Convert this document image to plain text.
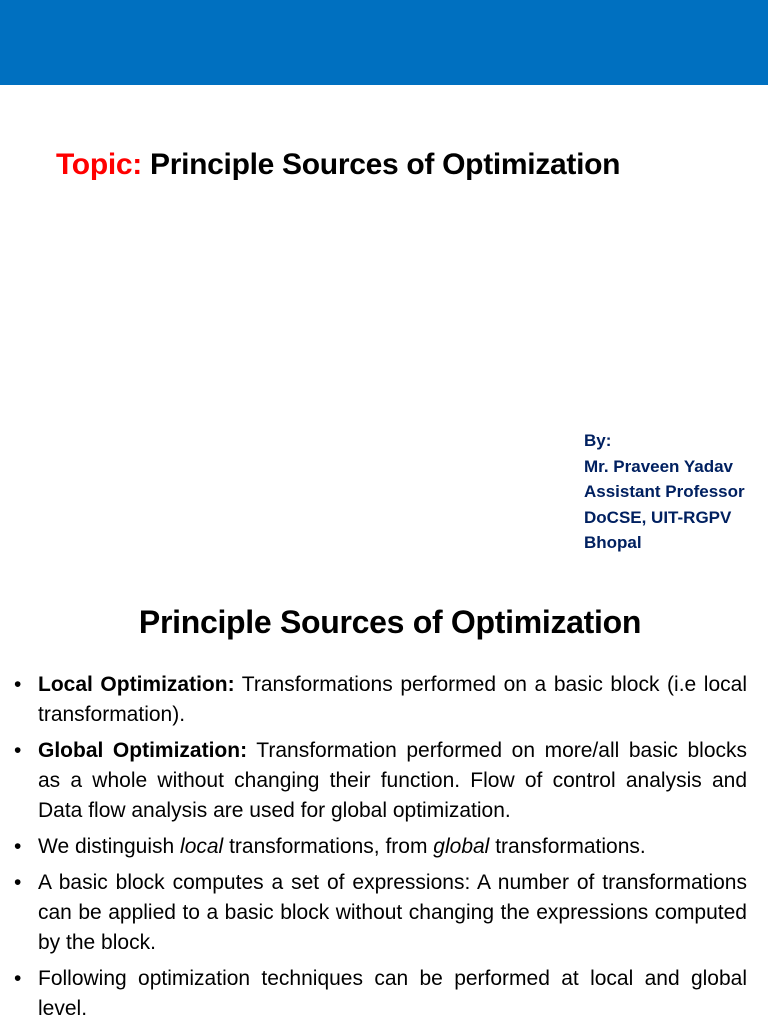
Topic: Principle Sources of Optimization
By:
Mr. Praveen Yadav
Assistant Professor
DoCSE, UIT-RGPV
Bhopal
Principle Sources of Optimization
• Local Optimization: Transformations performed on a basic block (i.e local transformation).
• Global Optimization: Transformation performed on more/all basic blocks as a whole without changing their function. Flow of control analysis and Data flow analysis are used for global optimization.
• We distinguish local transformations, from global transformations.
• A basic block computes a set of expressions: A number of transformations can be applied to a basic block without changing the expressions computed by the block.
• Following optimization techniques can be performed at local and global level.
